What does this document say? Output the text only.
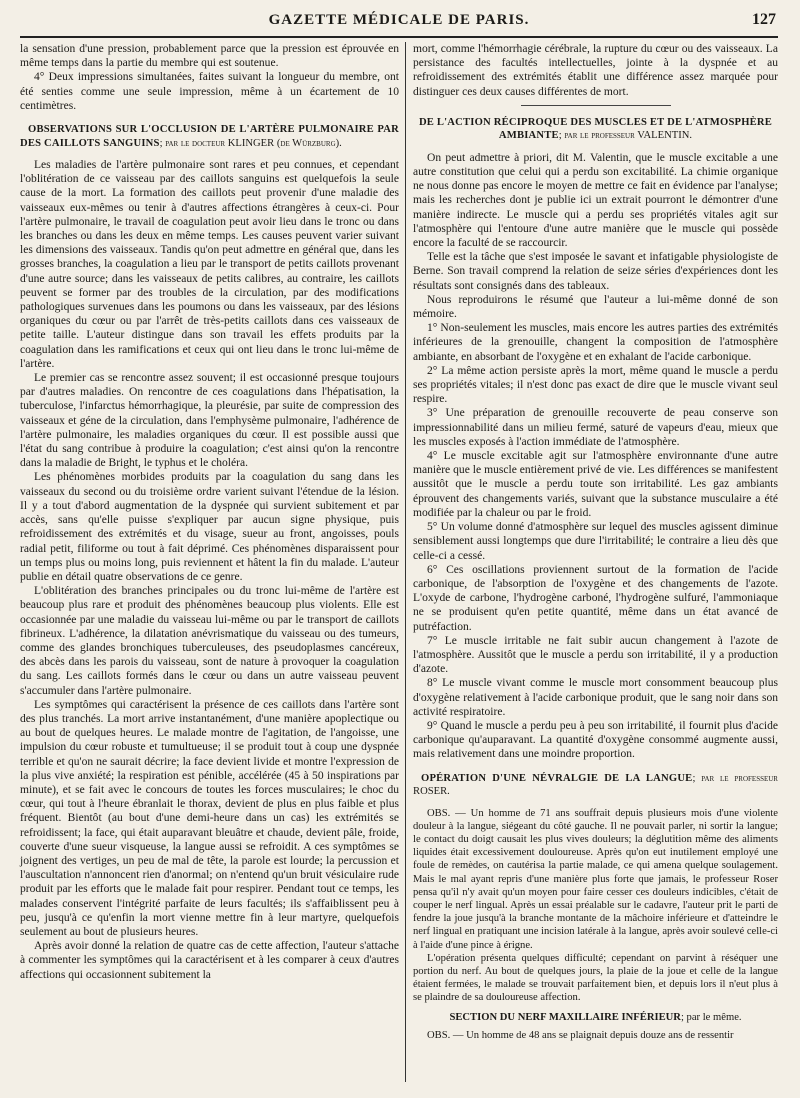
GAZETTE MÉDICALE DE PARIS.	127

la sensation d'une pression, probablement parce que la pression est éprouvée en même temps dans la partie du membre qui est soutenue.

4° Deux impressions simultanées, faites suivant la longueur du membre, ont été senties comme une seule impression, même à un écartement de 10 centimètres.

OBSERVATIONS SUR L'OCCLUSION DE L'ARTÈRE PULMONAIRE PAR DES CAILLOTS SANGUINS; par le docteur KLINGER (de Würzburg).

Les maladies de l'artère pulmonaire sont rares et peu connues, et cependant l'oblitération de ce vaisseau par des caillots sanguins est quelquefois la seule cause de la mort. La formation des caillots peut provenir d'une maladie des vaisseaux eux-mêmes ou tenir à d'autres affections étrangères à ceux-ci. Pour l'artère pulmonaire, le travail de coagulation peut avoir lieu dans le tronc ou dans les branches ou dans les deux en même temps. Les causes peuvent varier suivant les dimensions des vaisseaux. Tandis qu'on peut admettre en général que, dans les grosses branches, la coagulation a lieu par le transport de petits caillots provenant d'une autre source; dans les vaisseaux de petits calibres, au contraire, les caillots peuvent se former par des troubles de la circulation, par des modifications pathologiques survenues dans les poumons ou dans les vaisseaux, par des lésions organiques du cœur ou par l'arrêt de très-petits caillots dans ces vaisseaux de petite taille. L'auteur distingue dans son travail les effets produits par la coagulation dans les ramifications et ceux qui ont lieu dans le tronc lui-même de l'artère.

Le premier cas se rencontre assez souvent; il est occasionné presque toujours par d'autres maladies. On rencontre de ces coagulations dans l'hépatisation, la tuberculose, l'infarctus hémorrhagique, la pleurésie, par suite de compression des vaisseaux et géne de la circulation, dans l'emphysème pulmonaire, l'adhérence de l'artère pulmonaire, les maladies organiques du cœur. Il est possible aussi que l'état du sang contribue à produire la coagulation; c'est ainsi qu'on la rencontre dans la maladie de Bright, le typhus et le choléra.

Les phénomènes morbides produits par la coagulation du sang dans les vaisseaux du second ou du troisième ordre varient suivant l'étendue de la lésion. Il y a tout d'abord augmentation de la dyspnée qui survient subitement et par accès, sans qu'elle puisse s'expliquer par aucun signe physique, puis refroidissement des extrémités et du visage, sueur au front, angoisses, pouls radial petit, filiforme ou tout à fait déprimé. Ces phénomènes disparaissent pour un temps plus ou moins long, puis reviennent et hâtent la fin du malade. L'auteur publie en détail quatre observations de ce genre.

L'oblitération des branches principales ou du tronc lui-même de l'artère est beaucoup plus rare et produit des phénomènes beaucoup plus violents. Elle est occasionnée par une maladie du vaisseau lui-même ou par le transport de caillots fibrineux. L'adhérence, la dilatation anévrismatique du vaisseau ou des tumeurs, comme des glandes bronchiques tuberculeuses, des pseudoplasmes cancéreux, des abcès dans les parois du vaisseau, sont de nature à provoquer la coagulation du sang. Les caillots formés dans le cœur ou dans un autre vaisseau peuvent s'accumuler dans l'artère pulmonaire.

Les symptômes qui caractérisent la présence de ces caillots dans l'artère sont des plus tranchés. La mort arrive instantanément, d'une manière apoplectique ou au bout de quelques heures. Le malade montre de l'agitation, de l'angoisse, une impulsion du cœur robuste et tumultueuse; il se produit tout à coup une dyspnée terrible et qu'on ne saurait décrire; la face devient livide et montre l'expression de la plus vive anxiété; la respiration est pénible, accélérée (45 à 50 inspirations par minute), et se fait avec le concours de toutes les forces musculaires; le choc du cœur, qui tout à l'heure ébranlait le thorax, devient de plus en plus faible et plus fréquent. Bientôt (au bout d'une demi-heure dans un cas) les extrémités se refroidissent; la face, qui était auparavant bleuâtre et chaude, devient pâle, froide, couverte d'une sueur visqueuse, la langue aussi se refroidit. A ces symptômes se joignent des vertiges, un peu de mal de tête, la parole est lourde; la percussion et l'auscultation n'annoncent rien d'anormal; on n'entend qu'un bruit vésiculaire rude produit par les efforts que le malade fait pour respirer. Pendant tout ce temps, les malades conservent l'intégrité parfaite de leurs facultés; ils s'affaiblissent peu à peu, jusqu'à ce qu'enfin la mort vienne mettre fin à leur martyre, quelquefois seulement au bout de plusieurs heures.

Après avoir donné la relation de quatre cas de cette affection, l'auteur s'attache à commenter les symptômes qui la caractérisent et à les comparer à ceux d'autres affections qui occasionnent subitement la

mort, comme l'hémorrhagie cérébrale, la rupture du cœur ou des vaisseaux. La persistance des facultés intellectuelles, jointe à la dyspnée et au refroidissement des extrémités établit une différence assez marquée pour distinguer ces deux causes différentes de mort.

DE L'ACTION RÉCIPROQUE DES MUSCLES ET DE L'ATMOSPHÈRE AMBIANTE; par le professeur VALENTIN.

On peut admettre à priori, dit M. Valentin, que le muscle excitable a une autre constitution que celui qui a perdu son excitabilité. La chimie organique ne nous donne pas encore le moyen de mettre ce fait en évidence par l'analyse; mais les recherches dont je publie ici un extrait pourront le démontrer d'une manière indirecte. Le muscle qui a perdu ses propriétés vitales agit sur l'atmosphère qui l'entoure d'une autre manière que le muscle qui possède encore la faculté de se raccourcir.

Telle est la tâche que s'est imposée le savant et infatigable physiologiste de Berne. Son travail comprend la relation de seize séries d'expériences dont les résultats sont consignés dans des tableaux.

Nous reproduirons le résumé que l'auteur a lui-même donné de son mémoire.

1° Non-seulement les muscles, mais encore les autres parties des extrémités inférieures de la grenouille, changent la composition de l'atmosphère ambiante, en absorbant de l'oxygène et en exhalant de l'acide carbonique.

2° La même action persiste après la mort, même quand le muscle a perdu ses propriétés vitales; il n'est donc pas exact de dire que le muscle vivant seul respire.

3° Une préparation de grenouille recouverte de peau conserve son impressionnabilité dans un milieu fermé, saturé de vapeurs d'eau, mieux que les muscles exposés à l'action immédiate de l'atmosphère.

4° Le muscle excitable agit sur l'atmosphère environnante d'une autre manière que le muscle entièrement privé de vie. Les différences se manifestent aussitôt que le muscle a perdu toute son irritabilité. Les gaz ambiants éprouvent des changements variés, suivant que la substance musculaire a été modifiée par la chaleur ou par le froid.

5° Un volume donné d'atmosphère sur lequel des muscles agissent diminue sensiblement aussi longtemps que dure l'irritabilité; le contraire a lieu dès que celle-ci a cessé.

6° Ces oscillations proviennent surtout de la formation de l'acide carbonique, de l'absorption de l'oxygène et des changements de l'azote. L'oxyde de carbone, l'hydrogène carboné, l'hydrogène sulfuré, l'ammoniaque ne se produisent qu'en petite quantité, même dans un état avancé de putréfaction.

7° Le muscle irritable ne fait subir aucun changement à l'azote de l'atmosphère. Aussitôt que le muscle a perdu son irritabilité, il y a production d'azote.

8° Le muscle vivant comme le muscle mort consomment beaucoup plus d'oxygène relativement à l'acide carbonique produit, que le sang noir dans son activité respiratoire.

9° Quand le muscle a perdu peu à peu son irritabilité, il fournit plus d'acide carbonique qu'auparavant. La quantité d'oxygène consommé augmente aussi, mais relativement dans une moindre proportion.

OPÉRATION D'UNE NÉVRALGIE DE LA LANGUE; par le professeur ROSER.

OBS. — Un homme de 71 ans souffrait depuis plusieurs mois d'une violente douleur à la langue, siégeant du côté gauche. Il ne pouvait parler, ni sortir la langue; le contact du doigt causait les plus vives douleurs; la déglutition même des aliments liquides était excessivement douloureuse. Après qu'on eut inutilement employé une foule de remèdes, on cautérisa la partie malade, ce qui amena quelque soulagement. Mais le mal ayant repris d'une manière plus forte que jamais, le professeur Roser pensa qu'il n'y avait qu'un moyen pour faire cesser ces douleurs indicibles, c'était de couper le nerf lingual. Après un essai préalable sur le cadavre, l'auteur prit le parti de fendre la joue jusqu'à la branche montante de la mâchoire inférieure et d'atteindre le nerf lingual en pratiquant une incision latérale à la langue, après avoir soulevé celle-ci à l'aide d'une pince à érigne.

L'opération présenta quelques difficulté; cependant on parvint à réséquer une portion du nerf. Au bout de quelques jours, la plaie de la joue et celle de la langue étaient fermées, le malade se trouvait parfaitement bien, et depuis lors il n'eut plus à se plaindre de sa douloureuse affection.

SECTION DU NERF MAXILLAIRE INFÉRIEUR; par le même.

OBS. — Un homme de 48 ans se plaignait depuis douze ans de ressentir
